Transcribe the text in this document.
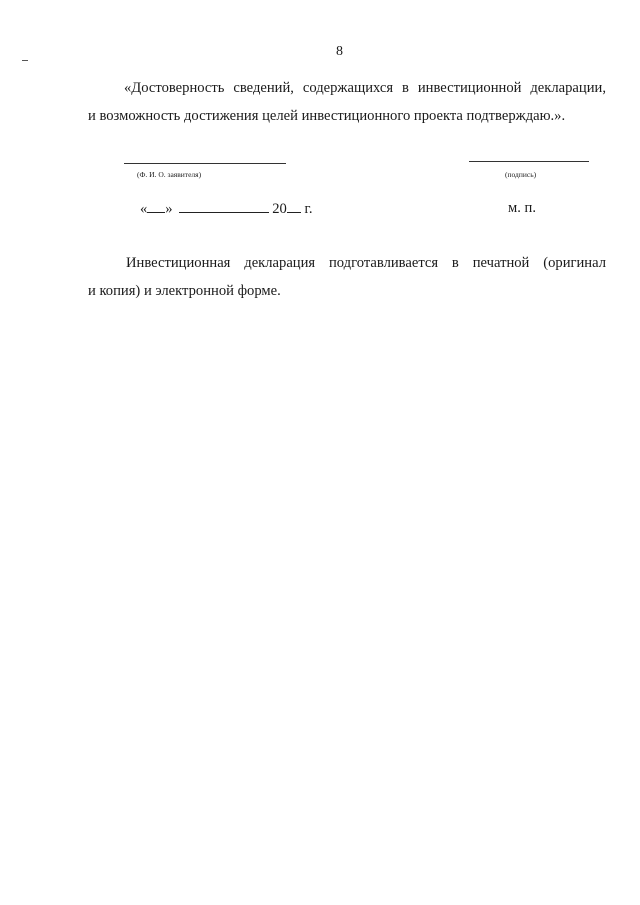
8
«Достоверность сведений, содержащихся в инвестиционной декларации,
и возможность достижения целей инвестиционного проекта подтверждаю.».
(Ф. И. О. заявителя)	(подпись)
« »	20 г.	м. п.
Инвестиционная декларация подготавливается в печатной (оригинал
и копия) и электронной форме.
